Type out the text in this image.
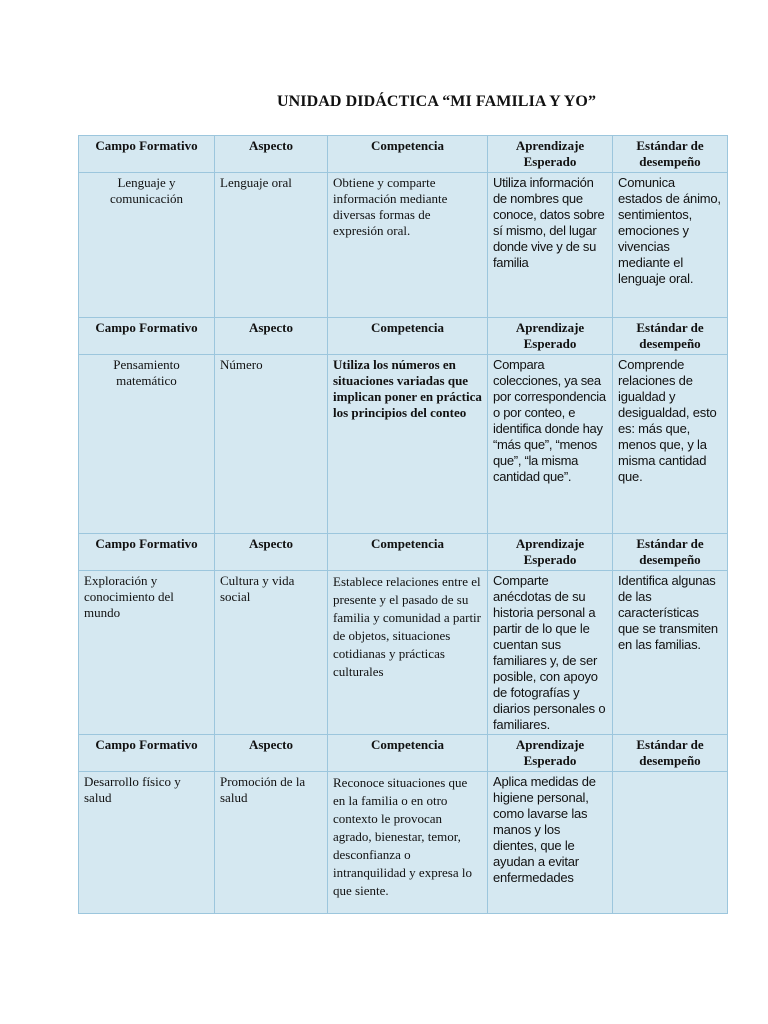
UNIDAD DIDÁCTICA “MI FAMILIA Y YO”
Campo Formativo	Aspecto	Competencia	Aprendizaje Esperado	Estándar de desempeño
Lenguaje y comunicación	Lenguaje oral	Obtiene y comparte información mediante diversas formas de expresión oral.	Utiliza información de nombres que conoce, datos sobre sí mismo, del lugar donde vive y de su familia	Comunica estados de ánimo, sentimientos, emociones y vivencias mediante el lenguaje oral.
Campo Formativo	Aspecto	Competencia	Aprendizaje Esperado	Estándar de desempeño
Pensamiento matemático	Número	Utiliza los números en situaciones variadas que implican poner en práctica los principios del conteo	Compara colecciones, ya sea por correspondencia o por conteo, e identifica donde hay “más que”, “menos que”, “la misma cantidad que”.	Comprende relaciones de igualdad y desigualdad, esto es: más que, menos que, y la misma cantidad que.
Campo Formativo	Aspecto	Competencia	Aprendizaje Esperado	Estándar de desempeño
Exploración y conocimiento del mundo	Cultura y vida social	Establece relaciones entre el presente y el pasado de su familia y comunidad a partir de objetos, situaciones cotidianas y prácticas culturales	Comparte anécdotas de su historia personal a partir de lo que le cuentan sus familiares y, de ser posible, con apoyo de fotografías y diarios personales o familiares.	Identifica algunas de las características que se transmiten en las familias.
Campo Formativo	Aspecto	Competencia	Aprendizaje Esperado	Estándar de desempeño
Desarrollo físico y salud	Promoción de la salud	Reconoce situaciones que en la familia o en otro contexto le provocan agrado, bienestar, temor, desconfianza o intranquilidad y expresa lo que siente.	Aplica medidas de higiene personal, como lavarse las manos y los dientes, que le ayudan a evitar enfermedades	
